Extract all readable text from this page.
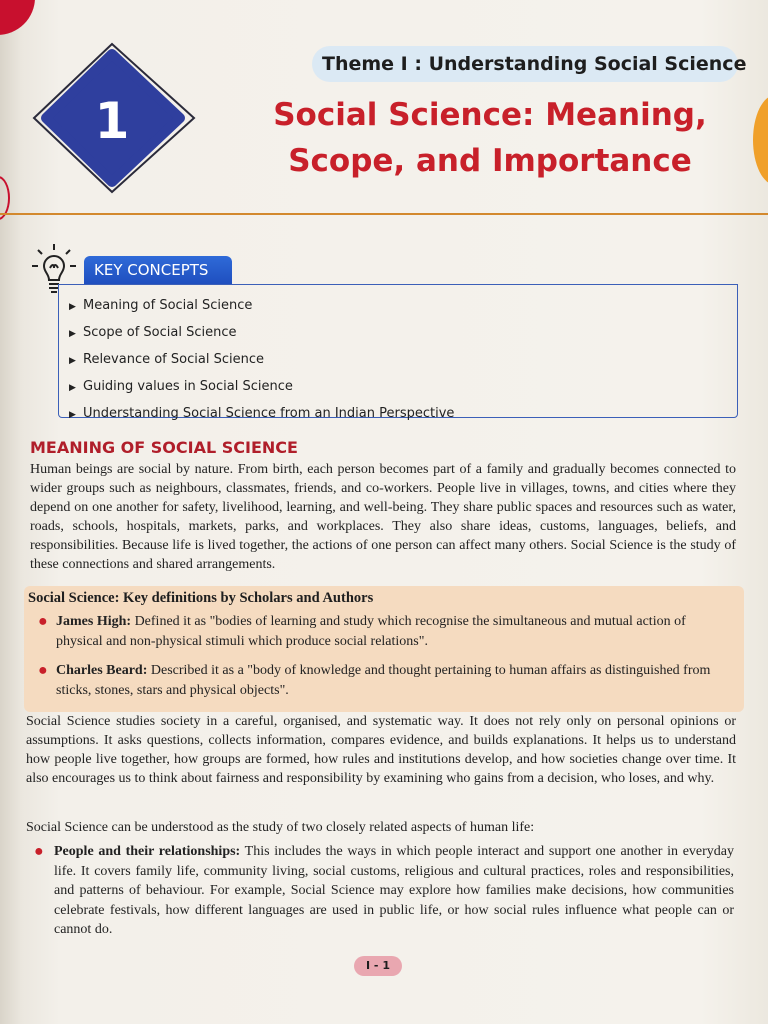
1
Theme I : Understanding Social Science
Social Science: Meaning,
Scope, and Importance
KEY CONCEPTS
▶ Meaning of Social Science
▶ Scope of Social Science
▶ Relevance of Social Science
▶ Guiding values in Social Science
▶ Understanding Social Science from an Indian Perspective
MEANING OF SOCIAL SCIENCE
Human beings are social by nature. From birth, each person becomes part of a family and gradually becomes connected to wider groups such as neighbours, classmates, friends, and co-workers. People live in villages, towns, and cities where they depend on one another for safety, livelihood, learning, and well-being. They share public spaces and resources such as water, roads, schools, hospitals, markets, parks, and workplaces. They also share ideas, customs, languages, beliefs, and responsibilities. Because life is lived together, the actions of one person can affect many others. Social Science is the study of these connections and shared arrangements.
Social Science: Key definitions by Scholars and Authors
● James High: Defined it as "bodies of learning and study which recognise the simultaneous and mutual action of physical and non-physical stimuli which produce social relations".
● Charles Beard: Described it as a "body of knowledge and thought pertaining to human affairs as distinguished from sticks, stones, stars and physical objects".
Social Science studies society in a careful, organised, and systematic way. It does not rely only on personal opinions or assumptions. It asks questions, collects information, compares evidence, and builds explanations. It helps us to understand how people live together, how groups are formed, how rules and institutions develop, and how societies change over time. It also encourages us to think about fairness and responsibility by examining who gains from a decision, who loses, and why.
Social Science can be understood as the study of two closely related aspects of human life:
● People and their relationships: This includes the ways in which people interact and support one another in everyday life. It covers family life, community living, social customs, religious and cultural practices, roles and responsibilities, and patterns of behaviour. For example, Social Science may explore how families make decisions, how communities celebrate festivals, how different languages are used in public life, or how social rules influence what people can or cannot do.
I - 1
